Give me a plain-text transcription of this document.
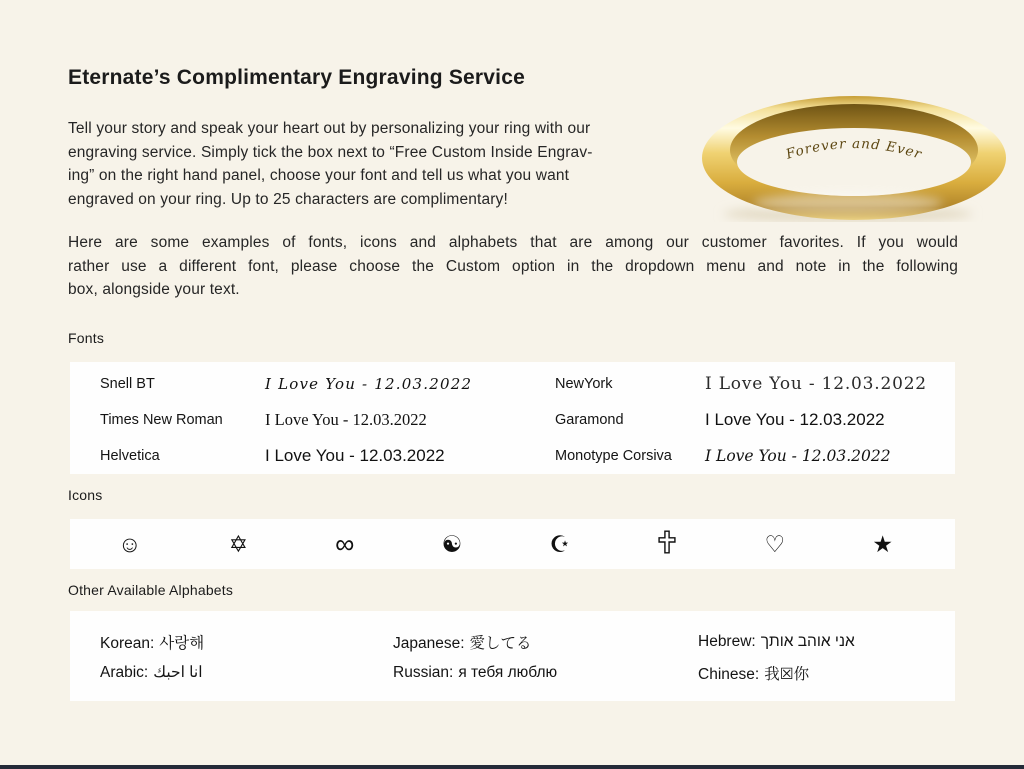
Eternate’s Complimentary Engraving Service
Tell your story and speak your heart out by personalizing your ring with our
engraving service. Simply tick the box next to “Free Custom Inside Engrav-
ing” on the right hand panel, choose your font and tell us what you want
engraved on your ring. Up to 25 characters are complimentary!
Forever and Ever
Here are some examples of fonts, icons and alphabets that are among our customer favorites. If you would
rather use a different font, please choose the Custom option in the dropdown menu and note in the following
box, alongside your text.
Fonts
Snell BT	I Love You - 12.03.2022	NewYork	I Love You - 12.03.2022
Times New Roman	I Love You - 12.03.2022	Garamond	I Love You - 12.03.2022
Helvetica	I Love You - 12.03.2022	Monotype Corsiva	I Love You - 12.03.2022
Icons
☺	✡	∞	☯	☪	♡	★
Other Available Alphabets
Korean: 사랑해	Japanese: 愛してる	Hebrew: אני אוהב אותך
Arabic: انا احبك	Russian: я тебя люблю	Chinese: 我☒你
